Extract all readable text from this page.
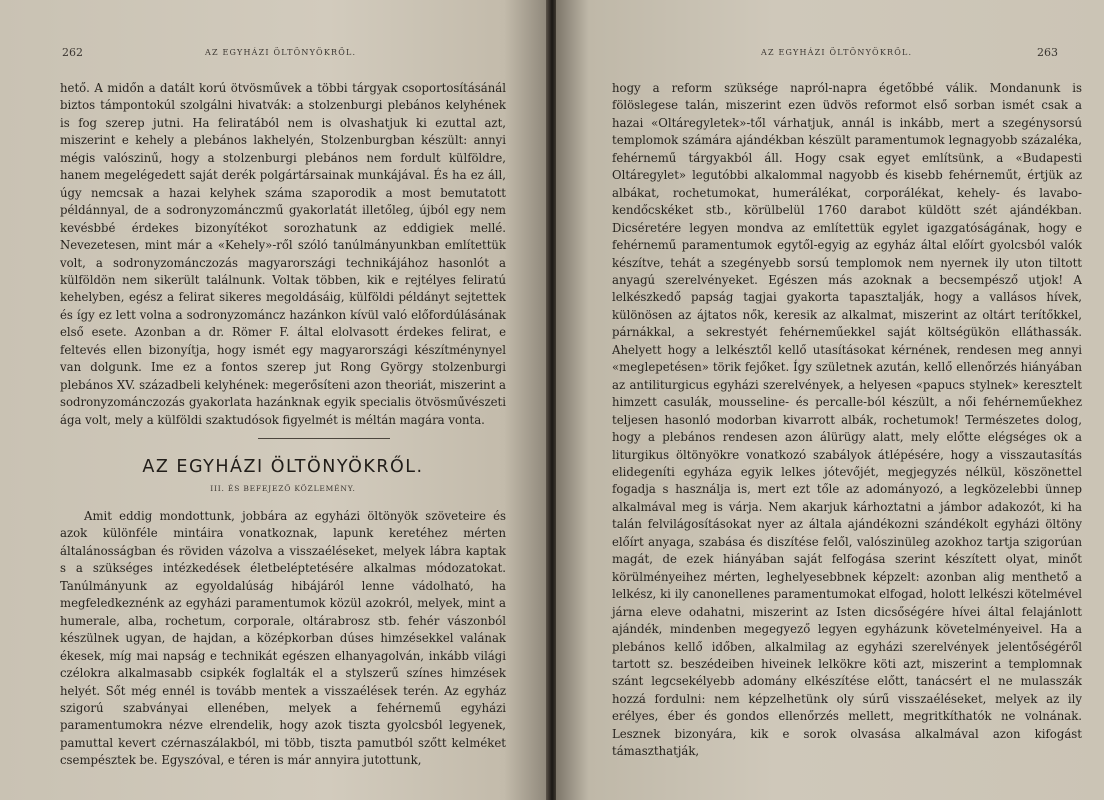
262	AZ EGYHÁZI ÖLTÖNYÖKRŐL.

hető. A midőn a datált korú ötvösművek a többi tárgyak csoportosításánál biztos támpontokúl szolgálni hivatvák: a stolzenburgi plebános kelyhének is fog szerep jutni. Ha feliratából nem is olvashatjuk ki ezuttal azt, miszerint e kehely a plebános lakhelyén, Stolzenburgban készült: annyi mégis valószinű, hogy a stolzenburgi plebános nem fordult külföldre, hanem megelégedett saját derék polgártársainak munkájával. És ha ez áll, úgy nemcsak a hazai kelyhek száma szaporodik a most bemutatott példánnyal, de a sodronyzománczmű gyakorlatát illetőleg, újból egy nem kevésbbé érdekes bizonyítékot sorozhatunk az eddigiek mellé. Nevezetesen, mint már a «Kehely»-ről szóló tanúlmányunkban említettük volt, a sodronyzománczozás magyarországi technikájához hasonlót a külföldön nem sikerült találnunk. Voltak többen, kik e rejtélyes feliratú kehelyben, egész a felirat sikeres megoldásáig, külföldi példányt sejtettek és így ez lett volna a sodronyzománcz hazánkon kívül való előfordúlásának első esete. Azonban a dr. Römer F. által elolvasott érdekes felirat, e feltevés ellen bizonyítja, hogy ismét egy magyarországi készítménynyel van dolgunk. Ime ez a fontos szerep jut Rong György stolzenburgi plebános XV. századbeli kelyhének: megerősíteni azon theoriát, miszerint a sodronyzománczozás gyakorlata hazánknak egyik specialis ötvösművészeti ága volt, mely a külföldi szaktudósok figyelmét is méltán magára vonta.

AZ EGYHÁZI ÖLTÖNYÖKRŐL.
III. ÉS BEFEJEZŐ KÖZLEMÉNY.

Amit eddig mondottunk, jobbára az egyházi öltönyök szöveteire és azok különféle mintáira vonatkoznak, lapunk keretéhez mérten általánosságban és röviden vázolva a visszaéléseket, melyek lábra kaptak s a szükséges intézkedések életbeléptetésére alkalmas módozatokat. Tanúlmányunk az egyoldalúság hibájáról lenne vádolható, ha megfeledkeznénk az egyházi paramentumok közül azokról, melyek, mint a humerale, alba, rochetum, corporale, oltárabrosz stb. fehér vászonból készülnek ugyan, de hajdan, a középkorban dúses himzésekkel valának ékesek, míg mai napság e technikát egészen elhanyagolván, inkább világi czélokra alkalmasabb csipkék foglalták el a stylszerű színes himzések helyét. Sőt még ennél is tovább mentek a visszaélések terén. Az egyház szigorú szabványai ellenében, melyek a fehérnemű egyházi paramentumokra nézve elrendelik, hogy azok tiszta gyolcsból legyenek, pamuttal kevert czérnaszálakból, mi több, tiszta pamutból szőtt kelméket csempésztek be. Egyszóval, e téren is már annyira jutottunk,

AZ EGYHÁZI ÖLTÖNYÖKRŐL.	263

hogy a reform szüksége napról-napra égetőbbé válik. Mondanunk is fölöslegese talán, miszerint ezen üdvös reformot első sorban ismét csak a hazai «Oltáregyletek»-től várhatjuk, annál is inkább, mert a szegénysorsú templomok számára ajándékban készült paramentumok legnagyobb százaléka, fehérnemű tárgyakból áll. Hogy csak egyet említsünk, a «Budapesti Oltáregylet» legutóbbi alkalommal nagyobb és kisebb fehérneműt, értjük az albákat, rochetumokat, humerálékat, corporálékat, kehely- és lavabo-kendőcskéket stb., körülbelül 1760 darabot küldött szét ajándékban. Dicséretére legyen mondva az említettük egylet igazgatóságának, hogy e fehérnemű paramentumok egytől-egyig az egyház által előírt gyolcsból valók készítve, tehát a szegényebb sorsú templomok nem nyernek ily uton tiltott anyagú szerelvényeket. Egészen más azoknak a becsempésző utjok! A lelkészkedő papság tagjai gyakorta tapasztalják, hogy a vallásos hívek, különösen az ájtatos nők, keresik az alkalmat, miszerint az oltárt terítőkkel, párnákkal, a sekrestyét fehérneműekkel saját költségükön elláthassák. Ahelyett hogy a lelkésztől kellő utasításokat kérnének, rendesen meg annyi «meglepetésen» törik fejőket. Így születnek azután, kellő ellenőrzés hiányában az antiliturgicus egyházi szerelvények, a helyesen «papucs stylnek» keresztelt himzett casulák, mousseline- és percalle-ból készült, a női fehérneműekhez teljesen hasonló modorban kivarrott albák, rochetumok! Természetes dolog, hogy a plebános rendesen azon álürügy alatt, mely előtte elégséges ok a liturgikus öltönyökre vonatkozó szabályok átlépésére, hogy a visszautasítás elidegeníti egyháza egyik lelkes jótevőjét, megjegyzés nélkül, köszönettel fogadja s használja is, mert ezt tőle az adományozó, a legközelebbi ünnep alkalmával meg is várja. Nem akarjuk kárhoztatni a jámbor adakozót, ki ha talán felvilágosításokat nyer az általa ajándékozni szándékolt egyházi öltöny előírt anyaga, szabása és diszítése felől, valószinüleg azokhoz tartja szigorúan magát, de ezek hiányában saját felfogása szerint készített olyat, minőt körülményeihez mérten, leghelyesebbnek képzelt: azonban alig menthető a lelkész, ki ily canonellenes paramentumokat elfogad, holott lelkészi kötelmével járna eleve odahatni, miszerint az Isten dicsőségére hívei által felajánlott ajándék, mindenben megegyező legyen egyházunk követelményeivel. Ha a plebános kellő időben, alkalmilag az egyházi szerelvények jelentőségéről tartott sz. beszédeiben hiveinek lelkökre köti azt, miszerint a templomnak szánt legcsekélyebb adomány elkészítése előtt, tanácsért el ne mulasszák hozzá fordulni: nem képzelhetünk oly súrű visszaéléseket, melyek az ily erélyes, éber és gondos ellenőrzés mellett, megritkíthatók ne volnának. Lesznek bizonyára, kik e sorok olvasása alkalmával azon kifogást támaszthatják,
